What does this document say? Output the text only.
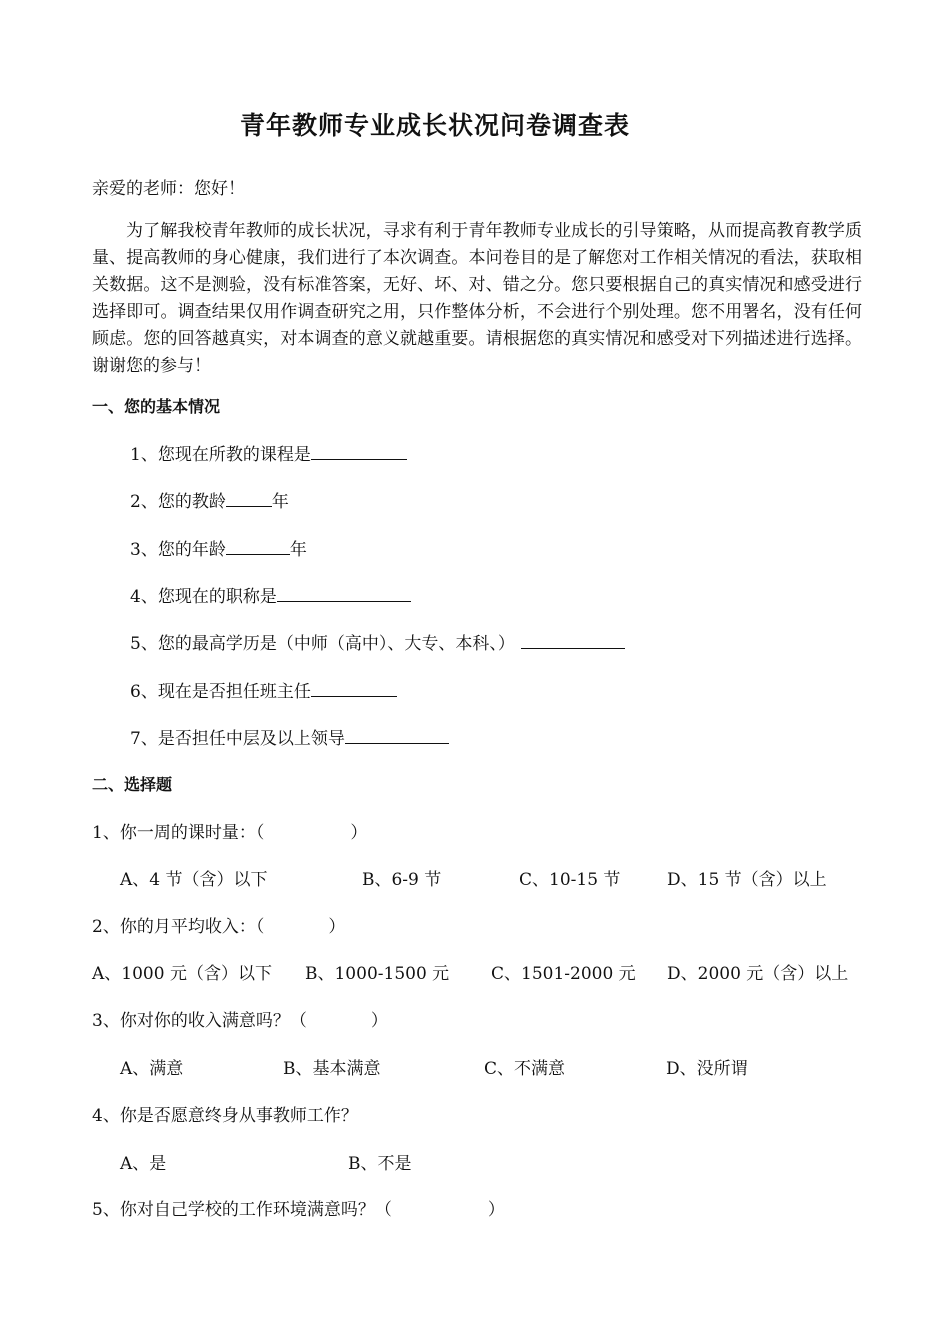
青年教师专业成长状况问卷调查表
亲爱的老师：您好！
为了解我校青年教师的成长状况，寻求有利于青年教师专业成长的引导策略，从而提高教育教学质量、提高教师的身心健康，我们进行了本次调查。本问卷目的是了解您对工作相关情况的看法，获取相关数据。这不是测验，没有标准答案，无好、坏、对、错之分。您只要根据自己的真实情况和感受进行选择即可。调查结果仅用作调查研究之用，只作整体分析，不会进行个别处理。您不用署名，没有任何顾虑。您的回答越真实，对本调查的意义就越重要。请根据您的真实情况和感受对下列描述进行选择。谢谢您的参与！
一、您的基本情况
1、您现在所教的课程是
2、您的教龄	年
3、您的年龄	年
4、您现在的职称是
5、您的最高学历是（中师（高中）、大专、本科、）
6、现在是否担任班主任
7、是否担任中层及以上领导
二、选择题
1、你一周的课时量：（	）
A、4 节（含）以下	B、6-9 节	C、10-15 节	D、15 节（含）以上
2、你的月平均收入：（	）
A、1000 元（含）以下 B、1000-1500 元 C、1501-2000 元 D、2000 元（含）以上
3、你对你的收入满意吗？（	）
A、满意	B、基本满意	C、不满意	D、没所谓
4、你是否愿意终身从事教师工作？
A、是	B、不是
5、你对自己学校的工作环境满意吗？（	）
